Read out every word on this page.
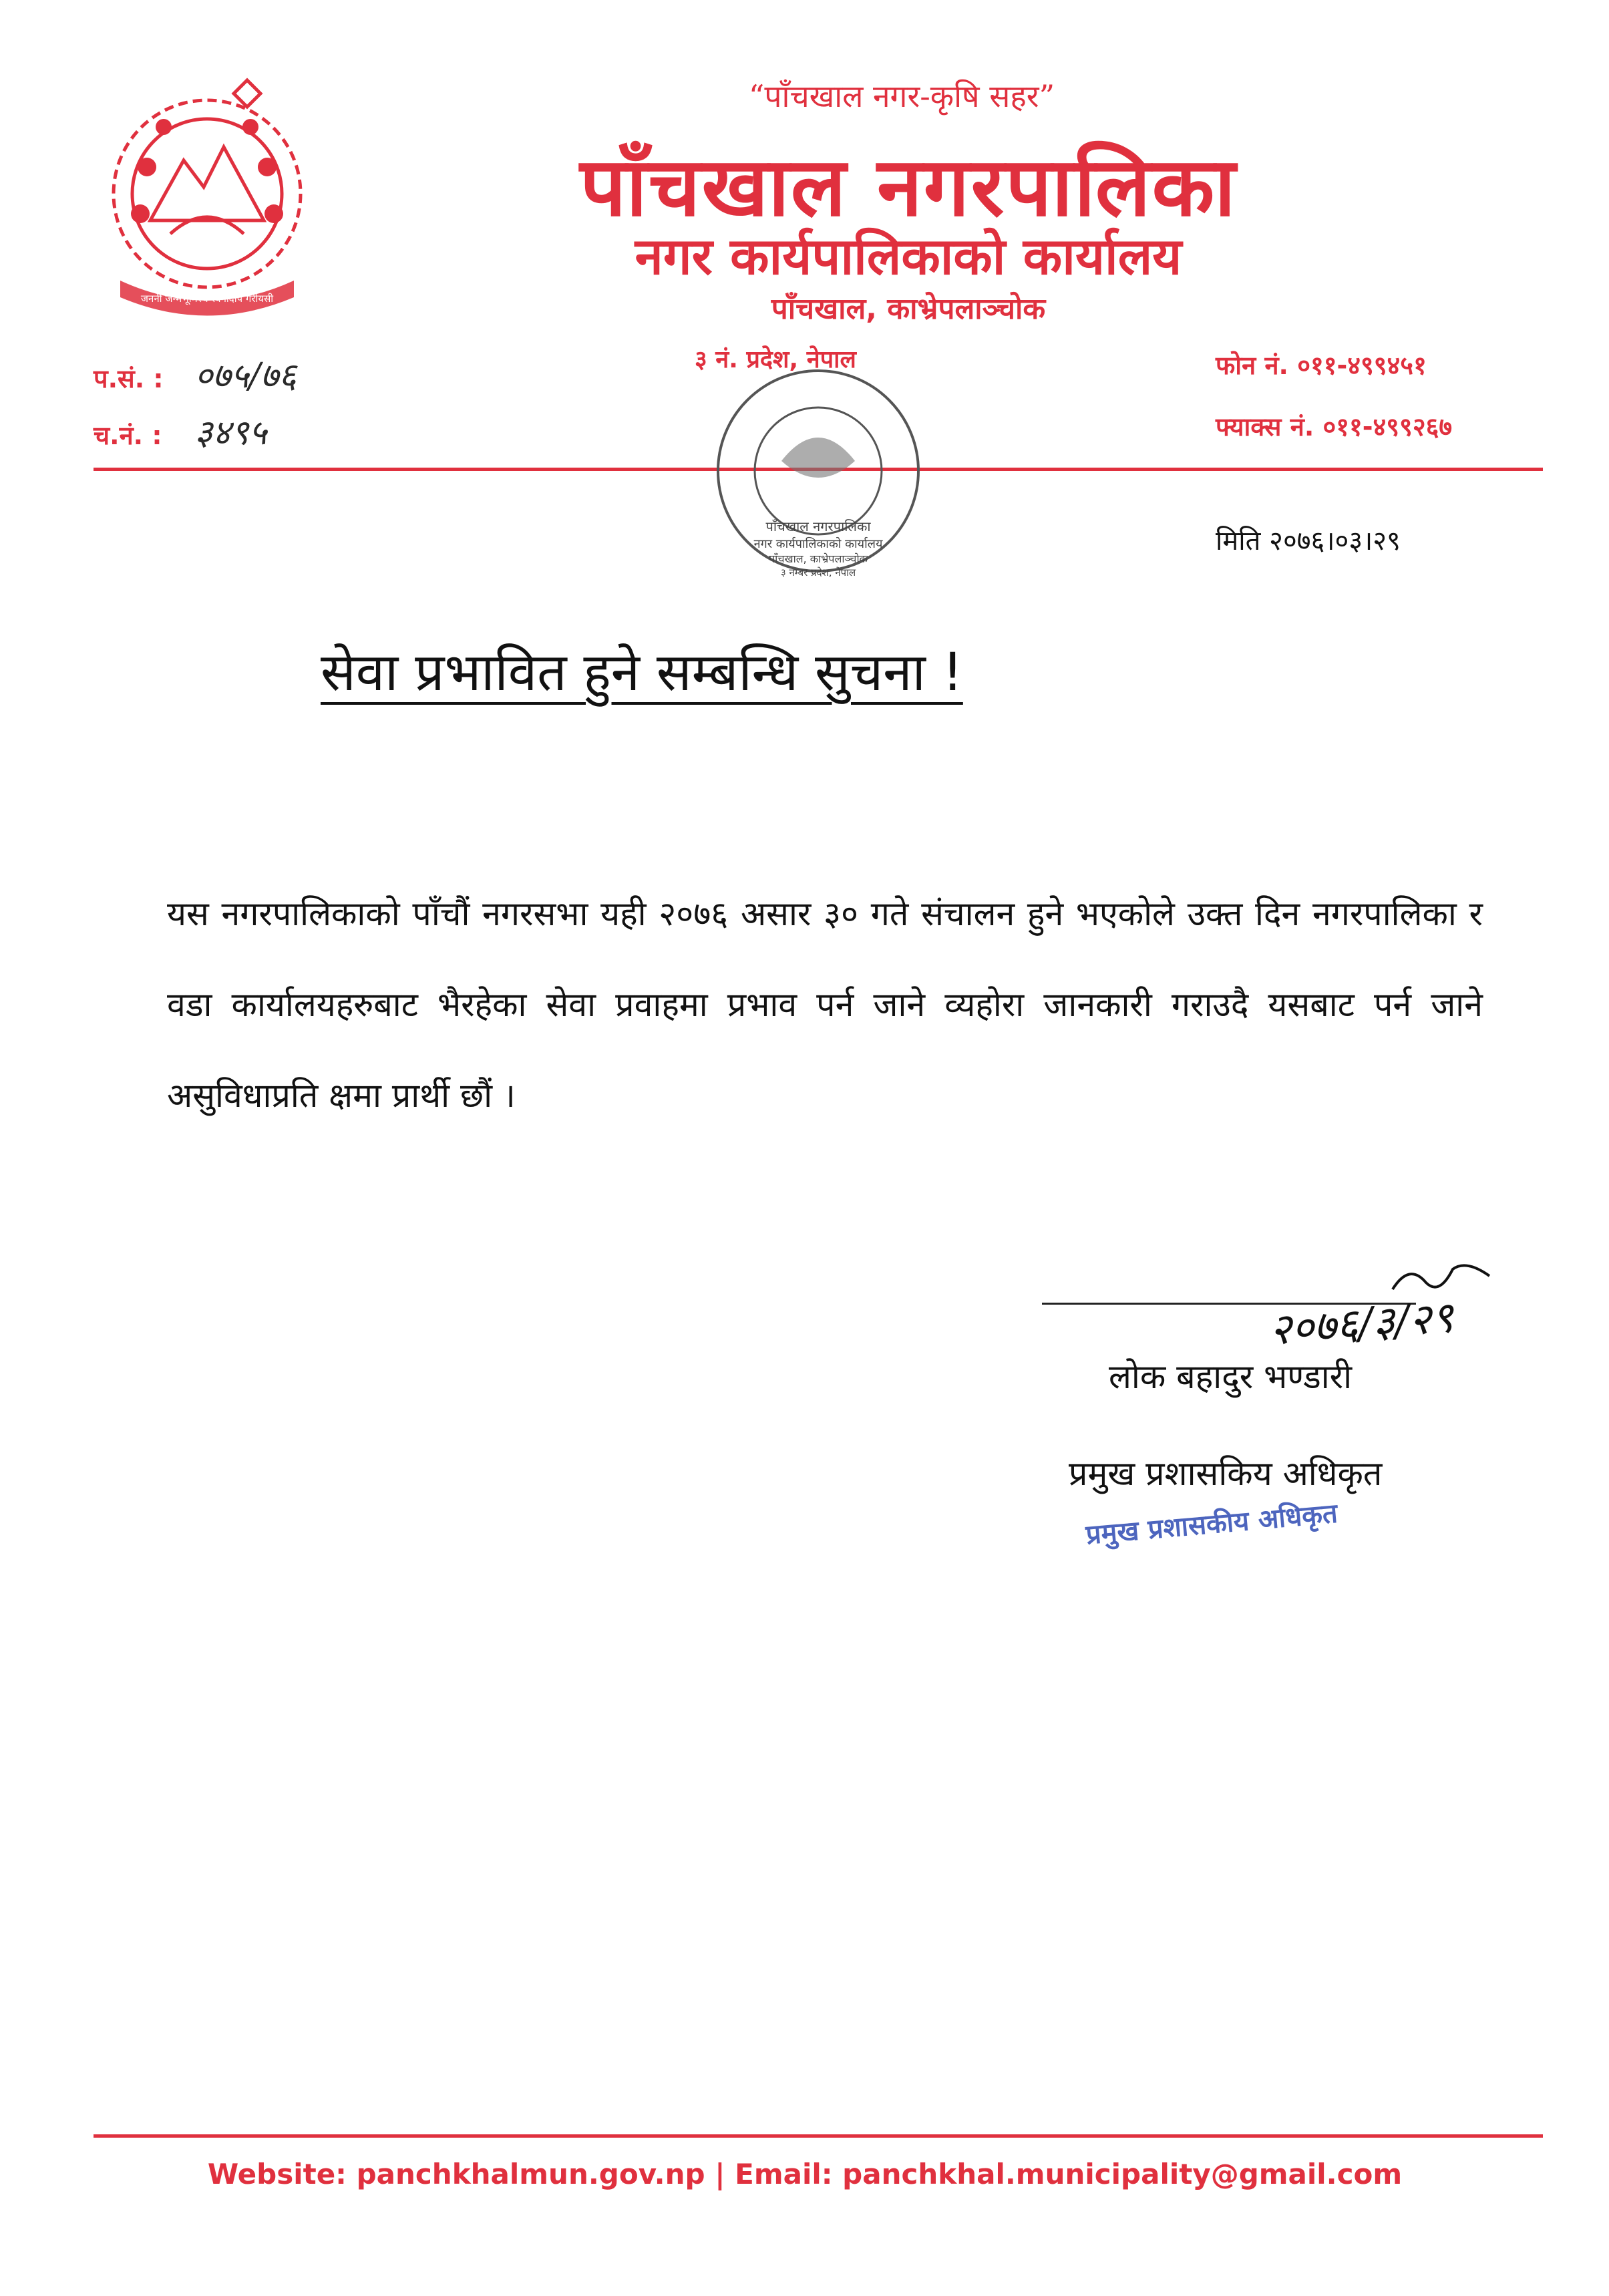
जननी जन्मभूमिश्च स्वर्गादपि गरीयसी
“पाँचखाल नगर-कृषि सहर”
पाँचखाल नगरपालिका
नगर कार्यपालिकाको कार्यालय
पाँचखाल, काभ्रेपलाञ्चोक
३ नं. प्रदेश, नेपाल
प.सं. : ०७५/७६
च.नं. : ३४९५
फोन नं. ०११-४९९४५१
फ्याक्स नं. ०११-४९९२६७
पाँचखाल नगरपालिका
नगर कार्यपालिकाको कार्यालय
पाँचखाल, काभ्रेपलाञ्चोक
३ नम्बर प्रदेश, नेपाल
मिति २०७६।०३।२९
सेवा प्रभावित हुने सम्बन्धि सुचना !
यस नगरपालिकाको पाँचौं नगरसभा यही २०७६ असार ३० गते संचालन हुने भएकोले उक्त दिन नगरपालिका र वडा कार्यालयहरुबाट भैरहेका सेवा प्रवाहमा प्रभाव पर्न जाने व्यहोरा जानकारी गराउदै यसबाट पर्न जाने असुविधाप्रति क्षमा प्रार्थी छौं ।
२०७६/३/२९
लोक बहादुर भण्डारी
प्रमुख प्रशासकिय अधिकृत
प्रमुख प्रशासकीय अधिकृत
Website: panchkhalmun.gov.np | Email: panchkhal.municipality@gmail.com
